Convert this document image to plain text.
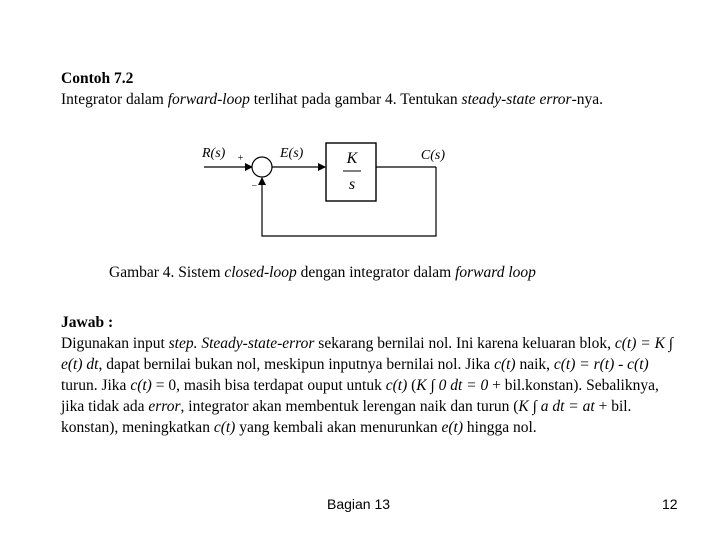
Contoh 7.2
Integrator dalam forward-loop terlihat pada gambar 4. Tentukan steady-state error-nya.
R(s) +
−
E(s)	K
s
C(s)
Gambar 4. Sistem closed-loop dengan integrator dalam forward loop
Jawab :
Digunakan input step. Steady-state-error sekarang bernilai nol. Ini karena keluaran blok, c(t) = K ∫ e(t) dt, dapat bernilai bukan nol, meskipun inputnya bernilai nol. Jika c(t) naik, c(t) = r(t) - c(t) turun. Jika c(t) = 0, masih bisa terdapat ouput untuk c(t) (K ∫ 0 dt = 0 + bil.konstan). Sebaliknya, jika tidak ada error, integrator akan membentuk lerengan naik dan turun (K ∫ a dt = at + bil. konstan), meningkatkan c(t) yang kembali akan menurunkan e(t) hingga nol.
Bagian 13	12
